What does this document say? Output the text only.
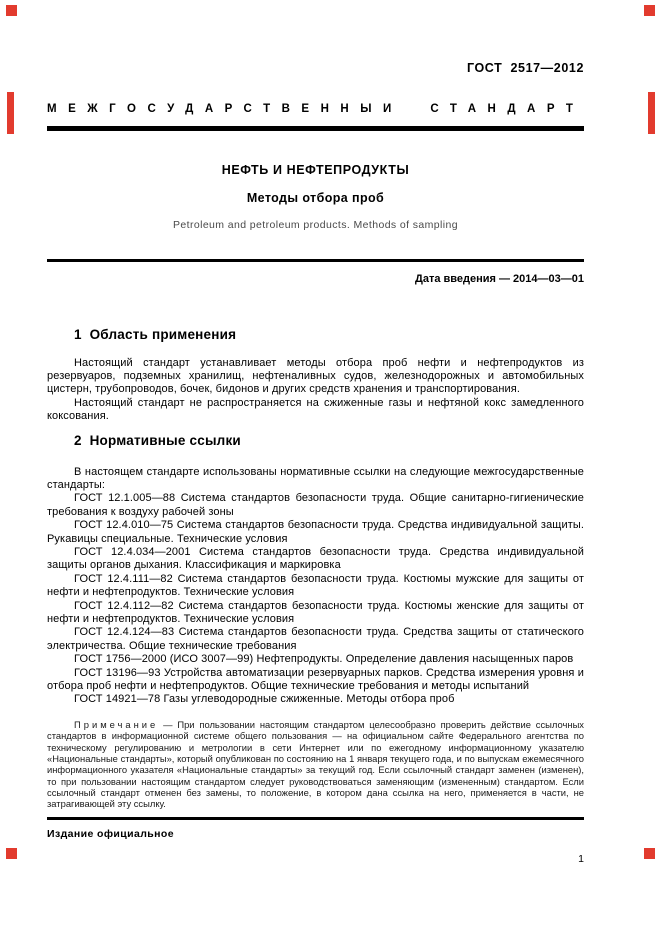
ГОСТ  2517—2012
МЕЖГОСУДАРСТВЕННЫЙ СТАНДАРТ
НЕФТЬ И НЕФТЕПРОДУКТЫ
Методы отбора проб
Petroleum and petroleum products. Methods of sampling
Дата введения — 2014—03—01
1  Область применения

Настоящий стандарт устанавливает методы отбора проб нефти и нефтепродуктов из резервуаров, подземных хранилищ, нефтеналивных судов, железнодорожных и автомобильных цистерн, трубопроводов, бочек, бидонов и других средств хранения и транспортирования.

Настоящий стандарт не распространяется на сжиженные газы и нефтяной кокс замедленного коксования.

2  Нормативные ссылки

В настоящем стандарте использованы нормативные ссылки на следующие межгосударственные стандарты:

ГОСТ 12.1.005—88 Система стандартов безопасности труда. Общие санитарно-гигиенические требования к воздуху рабочей зоны

ГОСТ 12.4.010—75 Система стандартов безопасности труда. Средства индивидуальной защиты. Рукавицы специальные. Технические условия

ГОСТ 12.4.034—2001 Система стандартов безопасности труда. Средства индивидуальной защиты органов дыхания. Классификация и маркировка

ГОСТ 12.4.111—82 Система стандартов безопасности труда. Костюмы мужские для защиты от нефти и нефтепродуктов. Технические условия

ГОСТ 12.4.112—82 Система стандартов безопасности труда. Костюмы женские для защиты от нефти и нефтепродуктов. Технические условия

ГОСТ 12.4.124—83 Система стандартов безопасности труда. Средства защиты от статического электричества. Общие технические требования

ГОСТ 1756—2000 (ИСО 3007—99) Нефтепродукты. Определение давления насыщенных паров

ГОСТ 13196—93 Устройства автоматизации резервуарных парков. Средства измерения уровня и отбора проб нефти и нефтепродуктов. Общие технические требования и методы испытаний

ГОСТ 14921—78 Газы углеводородные сжиженные. Методы отбора проб

Примечание — При пользовании настоящим стандартом целесообразно проверить действие ссылочных стандартов в информационной системе общего пользования — на официальном сайте Федерального агентства по техническому регулированию и метрологии в сети Интернет или по ежегодному информационному указателю «Национальные стандарты», который опубликован по состоянию на 1 января текущего года, и по выпускам ежемесячного информационного указателя «Национальные стандарты» за текущий год. Если ссылочный стандарт заменен (изменен), то при пользовании настоящим стандартом следует руководствоваться заменяющим (измененным) стандартом. Если ссылочный стандарт отменен без замены, то положение, в котором дана ссылка на него, применяется в части, не затрагивающей эту ссылку.

Издание официальное
1
